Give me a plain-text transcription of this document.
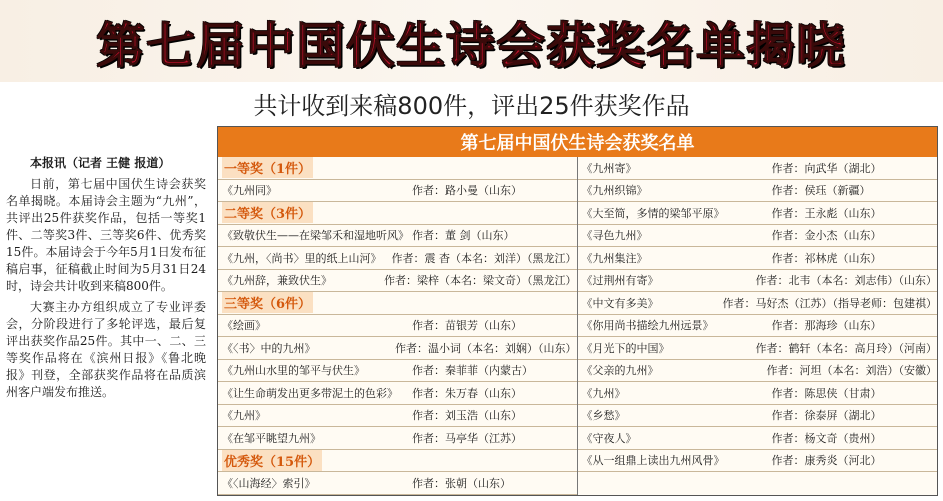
第七届中国伏生诗会获奖名单揭晓
共计收到来稿800件，评出25件获奖作品

本报讯（记者 王健 报道）

日前，第七届中国伏生诗会获奖名单揭晓。本届诗会主题为“九州”，共评出25件获奖作品，包括一等奖1件、二等奖3件、三等奖6件、优秀奖15件。本届诗会于今年5月1日发布征稿启事，征稿截止时间为5月31日24时，诗会共计收到来稿800件。

大赛主办方组织成立了专业评委会，分阶段进行了多轮评选，最后复评出获奖作品25件。其中一、二、三等奖作品将在《滨州日报》《鲁北晚报》刊登，全部获奖作品将在品质滨州客户端发布推送。

第七届中国伏生诗会获奖名单
一等奖（1件）
《九州同》	作者：路小曼（山东）
二等奖（3件）
《致敬伏生——在梁邹禾和湿地听风》 作者：董 剑（山东）
《九州，〈尚书〉里的纸上山河》 作者：震 杳（本名：刘洋）（黑龙江）
《九州辞，兼致伏生》	作者：梁梓（本名：梁文奇）（黑龙江）
三等奖（6件）
《绘画》	作者：苗银芳（山东）
《〈书〉中的九州》	作者：温小词（本名：刘娴）（山东）
《九州山水里的邹平与伏生》	作者：秦菲菲（内蒙古）
《让生命萌发出更多带泥土的色彩》	作者：朱万春（山东）
《九州》	作者：刘玉浩（山东）
《在邹平眺望九州》	作者：马亭华（江苏）
优秀奖（15件）
《〈山海经〉索引》	作者：张朝（山东）
《九州寄》	作者：向武华（湖北）
《九州织锦》	作者：侯珏（新疆）
《大至简，多情的梁邹平原》	作者：王永彪（山东）
《寻色九州》	作者：金小杰（山东）
《九州集注》	作者：祁林虎（山东）
《过荆州有寄》	作者：北韦（本名：刘志伟）（山东）
《中文有多美》	作者：马好杰（江苏）（指导老师：包建祺）
《你用尚书描绘九州远景》	作者：那海珍（山东）
《月光下的中国》	作者：鹤轩（本名：高月玲）（河南）
《父亲的九州》	作者：河坦（本名：刘浩）（安徽）
《九州》	作者：陈思侠（甘肃）
《乡愁》	作者：徐泰屏（湖北）
《守夜人》	作者：杨文奇（贵州）
《从一组鼎上读出九州风骨》	作者：康秀炎（河北）
